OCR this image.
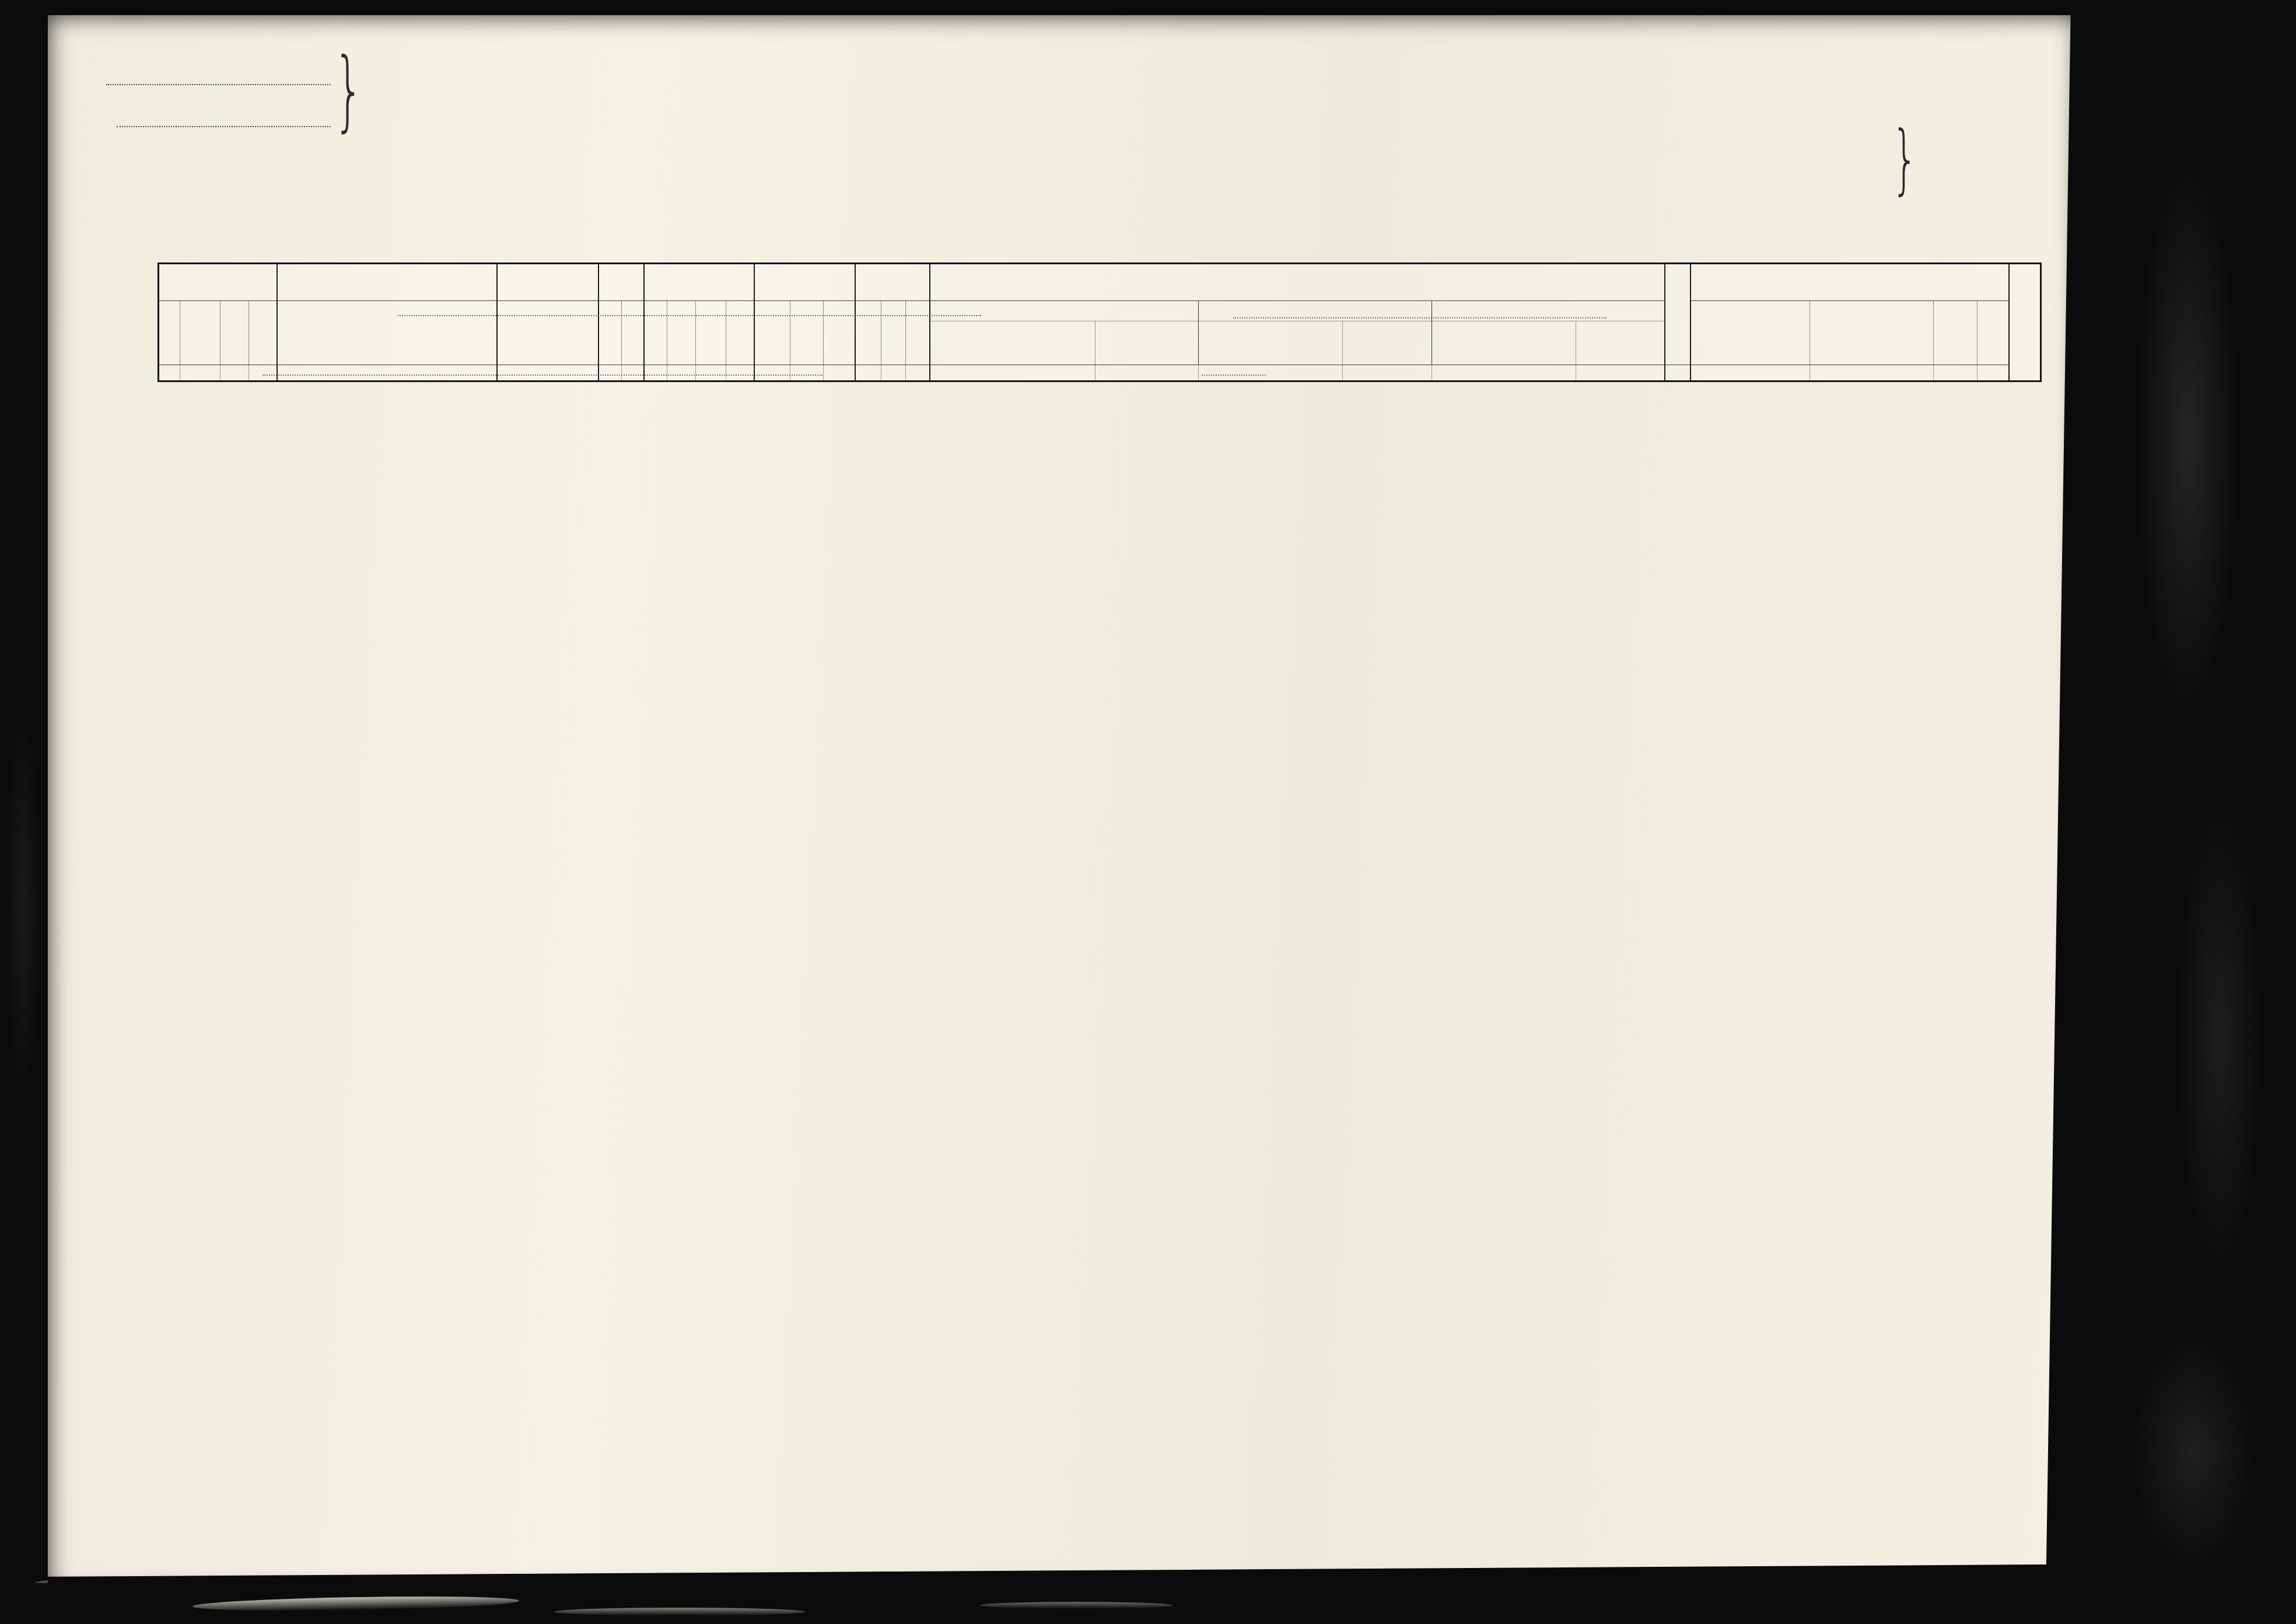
}
}
